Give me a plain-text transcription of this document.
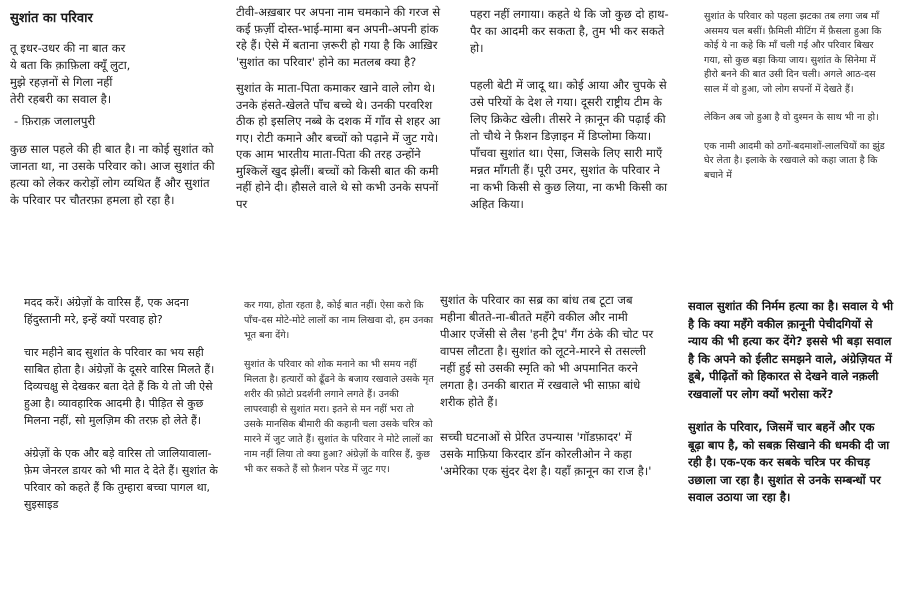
सुशांत का परिवार
तू इधर-उधर की ना बात कर
ये बता कि क़ाफ़िला क्यूँ लुटा,
मुझे रहज़नों से गिला नहीं
तेरी रहबरी का सवाल है।
- फ़िराक़ जलालपुरी

कुछ साल पहले की ही बात है। ना कोई सुशांत को जानता था, ना उसके परिवार को। आज सुशांत की हत्या को लेकर करोड़ों लोग व्यथित हैं और सुशांत के परिवार पर चौतरफ़ा हमला हो रहा है।

टीवी-अख़बार पर अपना नाम चमकाने की गरज से कई फ़र्ज़ी दोस्त-भाई-मामा बन अपनी-अपनी हांक रहे हैं। ऐसे में बताना ज़रूरी हो गया है कि आख़िर 'सुशांत का परिवार' होने का मतलब क्या है?

सुशांत के माता-पिता कमाकर खाने वाले लोग थे। उनके हंसते-खेलते पाँच बच्चे थे। उनकी परवरिश ठीक हो इसलिए नब्बे के दशक में गाँव से शहर आ गए। रोटी कमाने और बच्चों को पढ़ाने में जुट गये। एक आम भारतीय माता-पिता की तरह उन्होंने मुश्किलें खुद झेलीं। बच्चों को किसी बात की कमी नहीं होने दी। हौसले वाले थे सो कभी उनके सपनों पर

पहरा नहीं लगाया। कहते थे कि जो कुछ दो हाथ-पैर का आदमी कर सकता है, तुम भी कर सकते हो।

पहली बेटी में जादू था। कोई आया और चुपके से उसे परियों के देश ले गया। दूसरी राष्ट्रीय टीम के लिए क्रिकेट खेली। तीसरे ने क़ानून की पढ़ाई की तो चौथे ने फ़ैशन डिज़ाइन में डिप्लोमा किया। पाँचवा सुशांत था। ऐसा, जिसके लिए सारी माएँ मन्नत माँगती हैं। पूरी उमर, सुशांत के परिवार ने ना कभी किसी से कुछ लिया, ना कभी किसी का अहित किया।

सुशांत के परिवार को पहला झटका तब लगा जब माँ असमय चल बसीं। फ़ैमिली मीटिंग में फ़ैसला हुआ कि कोई ये ना कहे कि माँ चली गई और परिवार बिखर गया, सो कुछ बड़ा किया जाय। सुशांत के सिनेमा में हीरो बनने की बात उसी दिन चली। अगले आठ-दस साल में वो हुआ, जो लोग सपनों में देखते हैं।

लेकिन अब जो हुआ है वो दुश्मन के साथ भी ना हो।

एक नामी आदमी को ठगों-बदमाशों-लालचियों का झुंड घेर लेता है। इलाके के रखवाले को कहा जाता है कि बचाने में

मदद करें। अंग्रेज़ों के वारिस हैं, एक अदना हिंदुस्तानी मरे, इन्हें क्यों परवाह हो?

चार महीने बाद सुशांत के परिवार का भय सही साबित होता है। अंग्रेज़ों के दूसरे वारिस मिलते हैं। दिव्यचक्षु से देखकर बता देते हैं कि ये तो जी ऐसे हुआ है। व्यावहारिक आदमी है। पीड़ित से कुछ मिलना नहीं, सो मुलज़िम की तरफ़ हो लेते हैं।

अंग्रेज़ों के एक और बड़े वारिस तो जालियावाला-फ़ेम जेनरल डायर को भी मात दे देते हैं। सुशांत के परिवार को कहते हैं कि तुम्हारा बच्चा पागल था, सुइसाइड

कर गया, होता रहता है, कोई बात नहीं। ऐसा करो कि पाँच-दस मोटे-मोटे लालों का नाम लिखवा दो, हम उनका भूत बना देंगे।

सुशांत के परिवार को शोक मनाने का भी समय नहीं मिलता है। हत्यारों को ढूँढने के बजाय रखवाले उसके मृत शरीर की फ़ोटो प्रदर्शनी लगाने लगते हैं। उनकी लापरवाही से सुशांत मरा। इतने से मन नहीं भरा तो उसके मानसिक बीमारी की कहानी चला उसके चरित्र को मारने में जुट जाते हैं। सुशांत के परिवार ने मोटे लालों का नाम नहीं लिया तो क्या हुआ? अंग्रेज़ों के वारिस हैं, कुछ भी कर सकते हैं सो फ़ैशन परेड में जुट गए।

सुशांत के परिवार का सब्र का बांध तब टूटा जब महीना बीतते-ना-बीतते महँगे वकील और नामी पीआर एजेंसी से लैस 'हनी ट्रैप' गैंग ठंके की चोट पर वापस लौटता है। सुशांत को लूटने-मारने से तसल्ली नहीं हुई सो उसकी स्मृति को भी अपमानित करने लगता है। उनकी बारात में रखवाले भी साफ़ा बांधे शरीक होते हैं।

सच्ची घटनाओं से प्रेरित उपन्यास 'गॉडफ़ादर' में उसके माफ़िया किरदार डॉन कोरलीओन ने कहा 'अमेरिका एक सुंदर देश है। यहाँ क़ानून का राज है।'

सवाल सुशांत की निर्मम हत्या का है। सवाल ये भी है कि क्या महँगे वकील क़ानूनी पेचीदगियों से न्याय की भी हत्या कर देंगे? इससे भी बड़ा सवाल है कि अपने को ईलीट समझने वाले, अंग्रेज़ियत में डूबे, पीढ़ितों को हिकारत से देखने वाले नक़ली रखवालों पर लोग क्यों भरोसा करें?

सुशांत के परिवार, जिसमें चार बहनें और एक बूढ़ा बाप है, को सबक़ सिखाने की धमकी दी जा रही है। एक-एक कर सबके चरित्र पर कीचड़ उछाला जा रहा है। सुशांत से उनके सम्बन्धों पर सवाल उठाया जा रहा है।
